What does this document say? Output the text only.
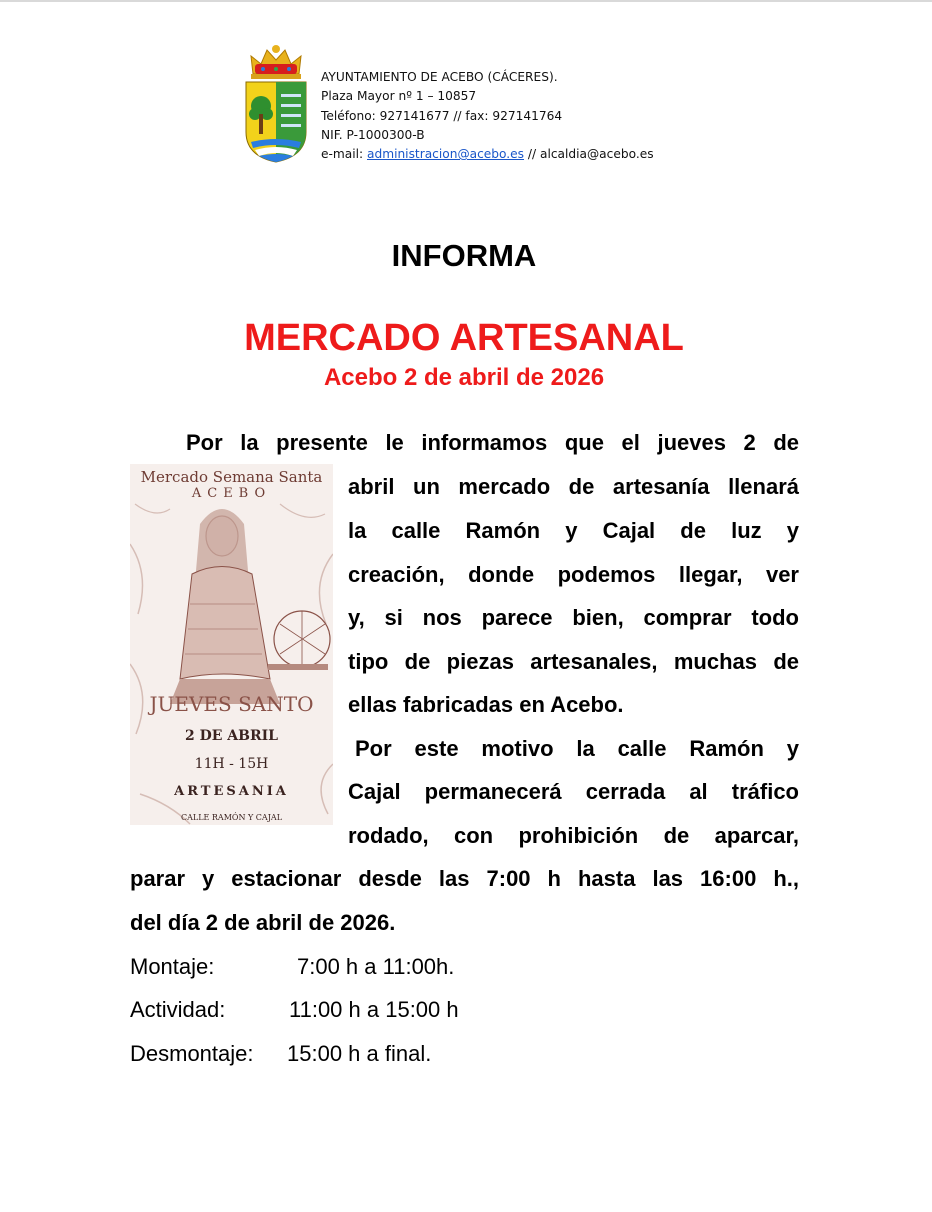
AYUNTAMIENTO DE ACEBO (CÁCERES).
Plaza Mayor nº 1 – 10857
Teléfono: 927141677 // fax: 927141764
NIF. P-1000300-B
e-mail: administracion@acebo.es // alcaldia@acebo.es
INFORMA
MERCADO ARTESANAL
Acebo 2 de abril de 2026
Por la presente le informamos que el jueves 2 de
abril un mercado de artesanía llenará
la calle Ramón y Cajal de luz y
creación, donde podemos llegar, ver
y, si nos parece bien, comprar todo
tipo de piezas artesanales, muchas de
ellas fabricadas en Acebo.
Por este motivo la calle Ramón y
Cajal permanecerá cerrada al tráfico
rodado, con prohibición de aparcar,
parar y estacionar desde las 7:00 h hasta las 16:00 h.,
del día 2 de abril de 2026.
Montaje:	7:00 h a 11:00h.
Actividad:	11:00 h a 15:00 h
Desmontaje: 15:00 h a final.
Mercado Semana Santa
ACEBO
JUEVES SANTO
2 DE ABRIL
11H - 15H
ARTESANIA
CALLE RAMÓN Y CAJAL
